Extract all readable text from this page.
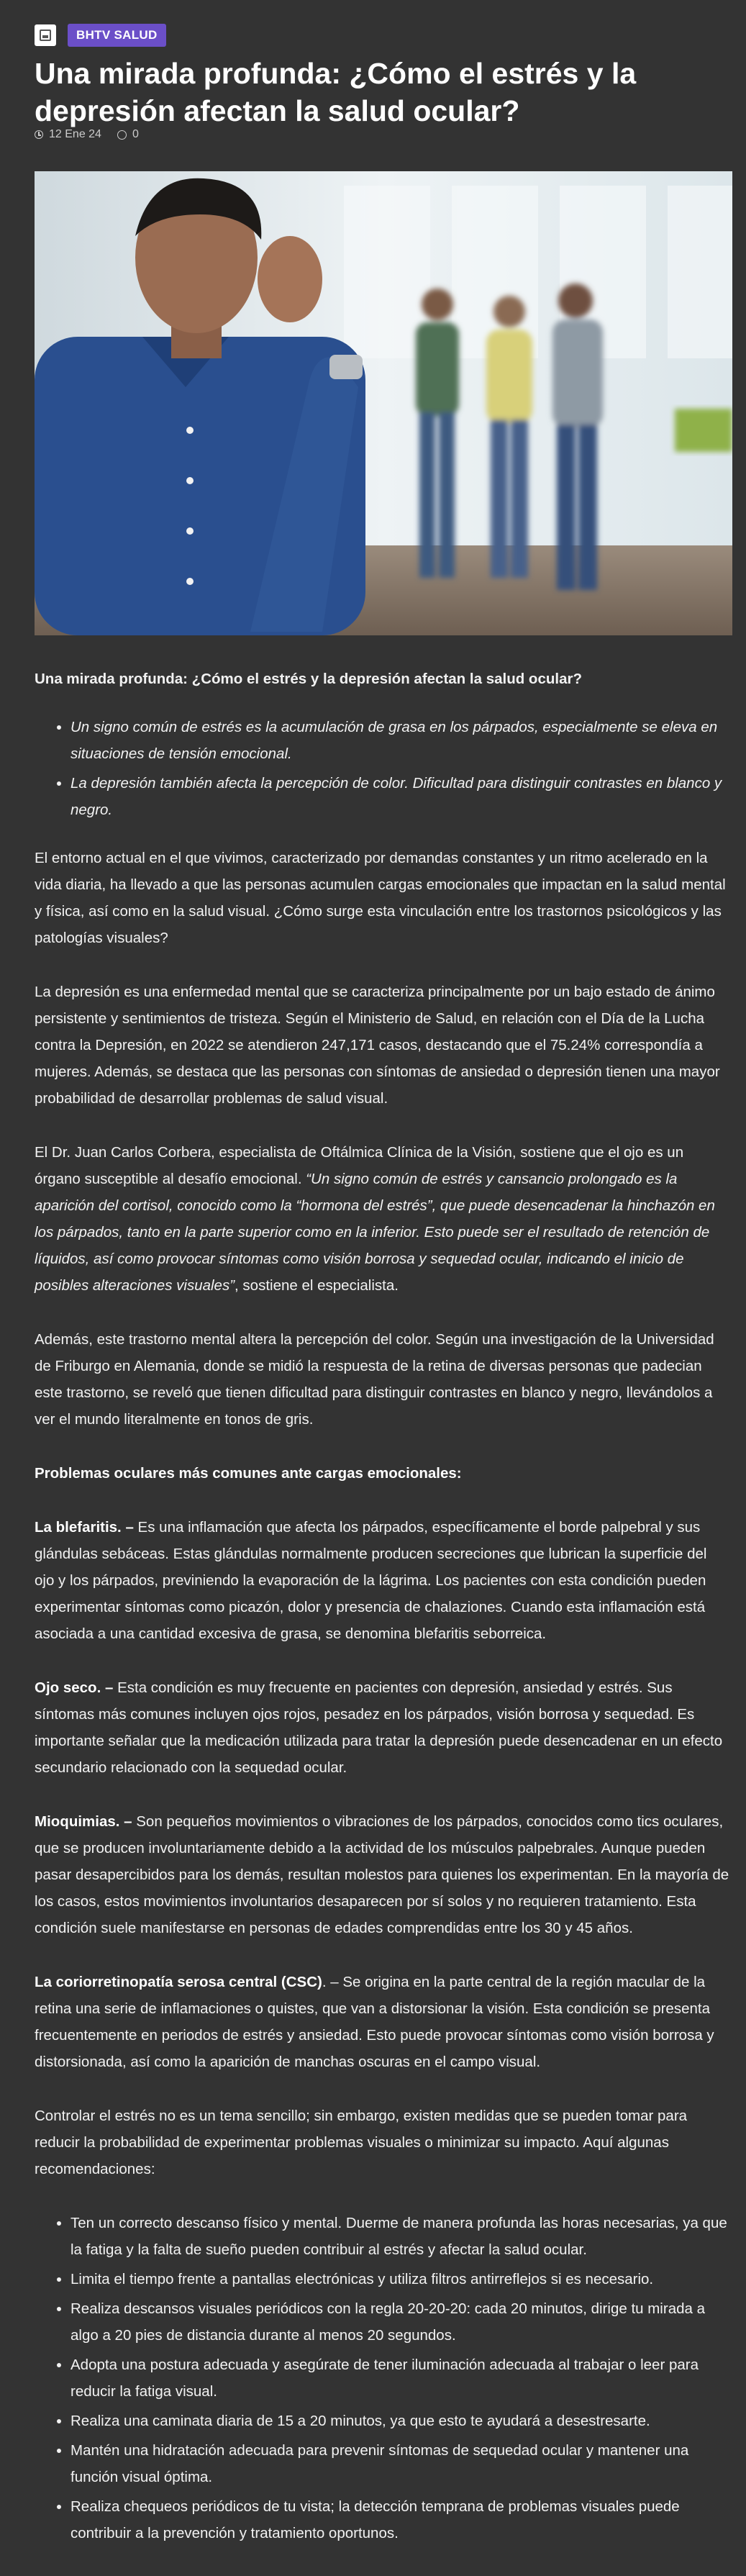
BHTV SALUD
Una mirada profunda: ¿Cómo el estrés y la depresión afectan la salud ocular?
12 Ene 24	0

Una mirada profunda: ¿Cómo el estrés y la depresión afectan la salud ocular?

• Un signo común de estrés es la acumulación de grasa en los párpados, especialmente se eleva en situaciones de tensión emocional.
• La depresión también afecta la percepción de color. Dificultad para distinguir contrastes en blanco y negro.

El entorno actual en el que vivimos, caracterizado por demandas constantes y un ritmo acelerado en la vida diaria, ha llevado a que las personas acumulen cargas emocionales que impactan en la salud mental y física, así como en la salud visual. ¿Cómo surge esta vinculación entre los trastornos psicológicos y las patologías visuales?

La depresión es una enfermedad mental que se caracteriza principalmente por un bajo estado de ánimo persistente y sentimientos de tristeza. Según el Ministerio de Salud, en relación con el Día de la Lucha contra la Depresión, en 2022 se atendieron 247,171 casos, destacando que el 75.24% correspondía a mujeres. Además, se destaca que las personas con síntomas de ansiedad o depresión tienen una mayor probabilidad de desarrollar problemas de salud visual.

El Dr. Juan Carlos Corbera, especialista de Oftálmica Clínica de la Visión, sostiene que el ojo es un órgano susceptible al desafío emocional. “Un signo común de estrés y cansancio prolongado es la aparición del cortisol, conocido como la “hormona del estrés”, que puede desencadenar la hinchazón en los párpados, tanto en la parte superior como en la inferior. Esto puede ser el resultado de retención de líquidos, así como provocar síntomas como visión borrosa y sequedad ocular, indicando el inicio de posibles alteraciones visuales”, sostiene el especialista.

Además, este trastorno mental altera la percepción del color. Según una investigación de la Universidad de Friburgo en Alemania, donde se midió la respuesta de la retina de diversas personas que padecian este trastorno, se reveló que tienen dificultad para distinguir contrastes en blanco y negro, llevándolos a ver el mundo literalmente en tonos de gris.

Problemas oculares más comunes ante cargas emocionales:

La blefaritis. – Es una inflamación que afecta los párpados, específicamente el borde palpebral y sus glándulas sebáceas. Estas glándulas normalmente producen secreciones que lubrican la superficie del ojo y los párpados, previniendo la evaporación de la lágrima. Los pacientes con esta condición pueden experimentar síntomas como picazón, dolor y presencia de chalaziones. Cuando esta inflamación está asociada a una cantidad excesiva de grasa, se denomina blefaritis seborreica.

Ojo seco. – Esta condición es muy frecuente en pacientes con depresión, ansiedad y estrés. Sus síntomas más comunes incluyen ojos rojos, pesadez en los párpados, visión borrosa y sequedad. Es importante señalar que la medicación utilizada para tratar la depresión puede desencadenar en un efecto secundario relacionado con la sequedad ocular.

Mioquimias. – Son pequeños movimientos o vibraciones de los párpados, conocidos como tics oculares, que se producen involuntariamente debido a la actividad de los músculos palpebrales. Aunque pueden pasar desapercibidos para los demás, resultan molestos para quienes los experimentan. En la mayoría de los casos, estos movimientos involuntarios desaparecen por sí solos y no requieren tratamiento. Esta condición suele manifestarse en personas de edades comprendidas entre los 30 y 45 años.

La coriorretinopatía serosa central (CSC). – Se origina en la parte central de la región macular de la retina una serie de inflamaciones o quistes, que van a distorsionar la visión. Esta condición se presenta frecuentemente en periodos de estrés y ansiedad. Esto puede provocar síntomas como visión borrosa y distorsionada, así como la aparición de manchas oscuras en el campo visual.

Controlar el estrés no es un tema sencillo; sin embargo, existen medidas que se pueden tomar para reducir la probabilidad de experimentar problemas visuales o minimizar su impacto. Aquí algunas recomendaciones:

• Ten un correcto descanso físico y mental. Duerme de manera profunda las horas necesarias, ya que la fatiga y la falta de sueño pueden contribuir al estrés y afectar la salud ocular.
• Limita el tiempo frente a pantallas electrónicas y utiliza filtros antirreflejos si es necesario.
• Realiza descansos visuales periódicos con la regla 20-20-20: cada 20 minutos, dirige tu mirada a algo a 20 pies de distancia durante al menos 20 segundos.
• Adopta una postura adecuada y asegúrate de tener iluminación adecuada al trabajar o leer para reducir la fatiga visual.
• Realiza una caminata diaria de 15 a 20 minutos, ya que esto te ayudará a desestresarte.
• Mantén una hidratación adecuada para prevenir síntomas de sequedad ocular y mantener una función visual óptima.
• Realiza chequeos periódicos de tu vista; la detección temprana de problemas visuales puede contribuir a la prevención y tratamiento oportunos.
